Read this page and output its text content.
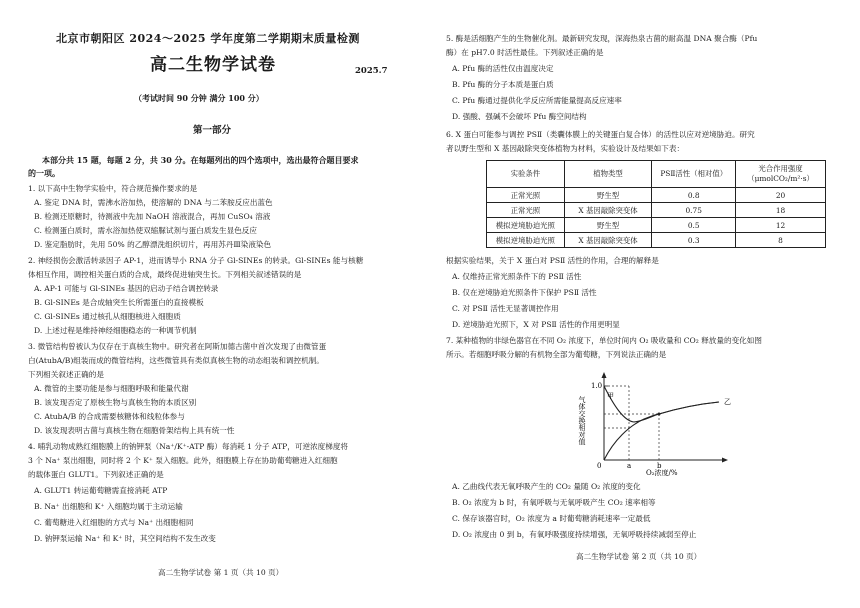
北京市朝阳区 2024～2025 学年度第二学期期末质量检测
高二生物学试卷	2025.7
（考试时间 90 分钟 满分 100 分）
第一部分
本部分共 15 题，每题 2 分，共 30 分。在每题列出的四个选项中，选出最符合题目要求
的一项。
1. 以下高中生物学实验中，符合规范操作要求的是
A. 鉴定 DNA 时，需沸水浴加热，使溶解的 DNA 与二苯胺反应出蓝色
B. 检测还原糖时，待测液中先加 NaOH 溶液混合，再加 CuSO₄ 溶液
C. 检测蛋白质时，需水浴加热使双缩脲试剂与蛋白质发生显色反应
D. 鉴定脂肪时，先用 50% 的乙醇漂洗组织切片，再用苏丹Ⅲ染液染色
2. 神经损伤会激活转录因子 AP-1，进而诱导小 RNA 分子 Gl-SINEs 的转录。Gl-SINEs 能与核糖
体相互作用，调控相关蛋白质的合成，最终促进轴突生长。下列相关叙述错误的是
A. AP-1 可能与 Gl-SINEs 基因的启动子结合调控转录
B. Gl-SINEs 是合成轴突生长所需蛋白的直接模板
C. Gl-SINEs 通过核孔从细胞核进入细胞质
D. 上述过程是维持神经细胞稳态的一种调节机制
3. 微管结构曾被认为仅存在于真核生物中。研究者在阿斯加德古菌中首次发现了由微管蛋
白(AtubA/B)组装而成的微管结构，这些微管具有类似真核生物的动态组装和调控机制。
下列相关叙述正确的是
A. 微管的主要功能是参与细胞呼吸和能量代谢
B. 该发现否定了原核生物与真核生物的本质区别
C. AtubA/B 的合成需要核糖体和线粒体参与
D. 该发现表明古菌与真核生物在细胞骨架结构上具有统一性
4. 哺乳动物成熟红细胞膜上的钠钾泵（Na⁺/K⁺-ATP 酶）每消耗 1 分子 ATP，可逆浓度梯度将
3 个 Na⁺ 泵出细胞，同时将 2 个 K⁺ 泵入细胞。此外，细胞膜上存在协助葡萄糖进入红细胞
的载体蛋白 GLUT1。下列叙述正确的是
A. GLUT1 转运葡萄糖需直接消耗 ATP
B. Na⁺ 出细胞和 K⁺ 入细胞均属于主动运输
C. 葡萄糖进入红细胞的方式与 Na⁺ 出细胞相同
D. 钠钾泵运输 Na⁺ 和 K⁺ 时，其空间结构不发生改变
高二生物学试卷 第 1 页（共 10 页）
5. 酶是活细胞产生的生物催化剂。最新研究发现，深海热泉古菌的耐高温 DNA 聚合酶（Pfu
酶）在 pH7.0 时活性最佳。下列叙述正确的是
A. Pfu 酶的活性仅由温度决定
B. Pfu 酶的分子本质是蛋白质
C. Pfu 酶通过提供化学反应所需能量提高反应速率
D. 强酸、强碱不会破坏 Pfu 酶空间结构
6. X 蛋白可能参与调控 PSⅡ（类囊体膜上的关键蛋白复合体）的活性以应对逆境胁迫。研究
者以野生型和 X 基因敲除突变体植物为材料，实验设计及结果如下表：
实验条件	植物类型	PSⅡ活性（相对值）	光合作用强度
（μmolCO₂/m²·s）

正常光照	野生型	0.8	20
正常光照	X 基因敲除突变体	0.75	18
模拟逆境胁迫光照	野生型	0.5	12
模拟逆境胁迫光照	X 基因敲除突变体	0.3	8
根据实验结果，关于 X 蛋白对 PSⅡ 活性的作用，合理的解释是
A. 仅维持正常光照条件下的 PSⅡ 活性
B. 仅在逆境胁迫光照条件下保护 PSⅡ 活性
C. 对 PSⅡ 活性无显著调控作用
D. 逆境胁迫光照下，X 对 PSⅡ 活性的作用更明显
7. 某种植物的非绿色器官在不同 O₂ 浓度下，单位时间内 O₂ 吸收量和 CO₂ 释放量的变化如图
所示。若细胞呼吸分解的有机物全部为葡萄糖，下列说法正确的是
气体交换相对值
1.0
0	a	b
O₂浓度/%
甲
乙
A. 乙曲线代表无氧呼吸产生的 CO₂ 量随 O₂ 浓度的变化
B. O₂ 浓度为 b 时，有氧呼吸与无氧呼吸产生 CO₂ 速率相等
C. 保存该器官时，O₂ 浓度为 a 时葡萄糖消耗速率一定最低
D. O₂ 浓度由 0 到 b，有氧呼吸强度持续增强，无氧呼吸持续减弱至停止
高二生物学试卷 第 2 页（共 10 页）
